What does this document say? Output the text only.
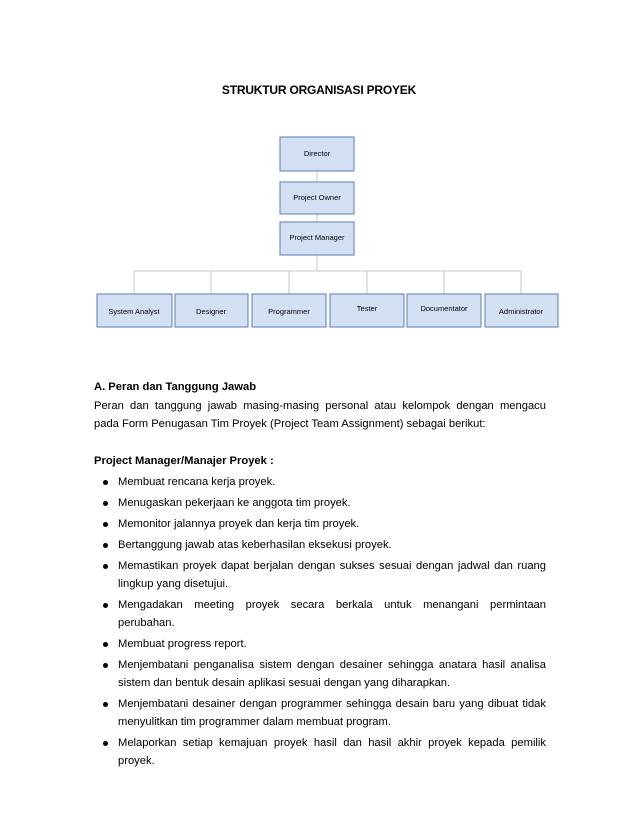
STRUKTUR ORGANISASI PROYEK
Director
Project Owner
Project Manager
System Analyst	Designer	Programmer	Tester	Documentator	Administrator
A. Peran dan Tanggung Jawab
Peran dan tanggung jawab masing-masing personal atau kelompok dengan mengacu pada Form Penugasan Tim Proyek (Project Team Assignment) sebagai berikut:
Project Manager/Manajer Proyek :
Membuat rencana kerja proyek.
Menugaskan pekerjaan ke anggota tim proyek.
Memonitor jalannya proyek dan kerja tim proyek.
Bertanggung jawab atas keberhasilan eksekusi proyek.
Memastikan proyek dapat berjalan dengan sukses sesuai dengan jadwal dan ruang lingkup yang disetujui.
Mengadakan meeting proyek secara berkala untuk menangani permintaan perubahan.
Membuat progress report.
Menjembatani penganalisa sistem dengan desainer sehingga anatara hasil analisa sistem dan bentuk desain aplikasi sesuai dengan yang diharapkan.
Menjembatani desainer dengan programmer sehingga desain baru yang dibuat tidak menyulitkan tim programmer dalam membuat program.
Melaporkan setiap kemajuan proyek hasil dan hasil akhir proyek kepada pemilik proyek.
